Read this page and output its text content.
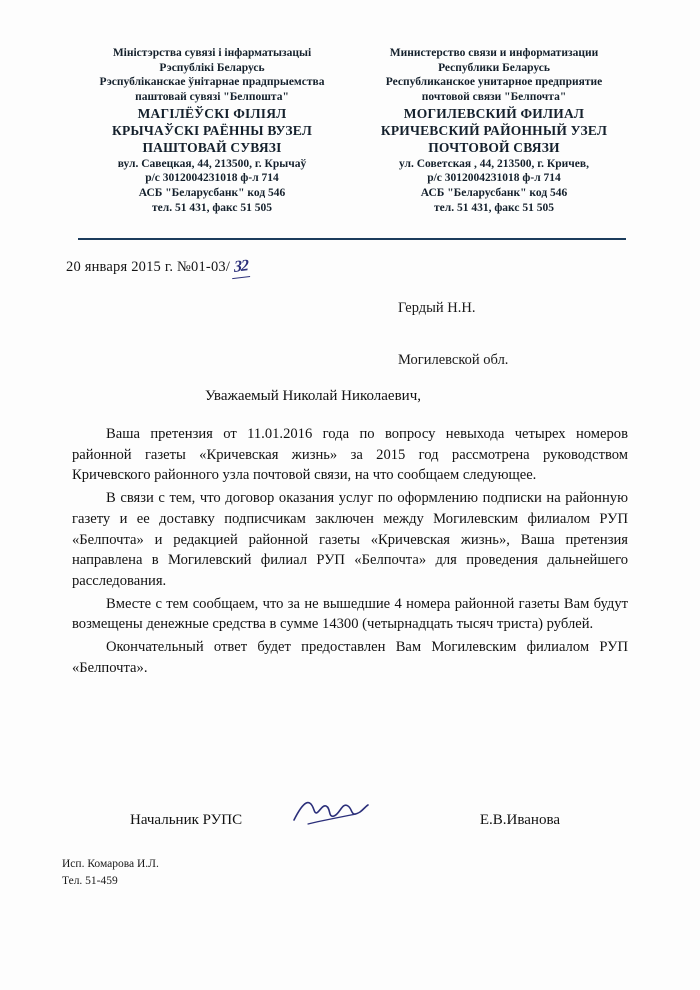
Міністэрства сувязі і інфарматызацыі
Рэспублікі Беларусь
Рэспубліканскае ўнітарнае прадпрыемства
паштовай сувязі "Белпошта"
МАГІЛЁЎСКІ ФІЛІЯЛ
КРЫЧАЎСКІ РАЁННЫ ВУЗЕЛ
ПАШТОВАЙ СУВЯЗІ
вул. Савецкая, 44, 213500, г. Крычаў
р/с 3012004231018 ф-л 714
АСБ "Беларусбанк" код 546
тел. 51 431, факс 51 505
Министерство связи и информатизации
Республики Беларусь
Республиканское унитарное предприятие
почтовой связи "Белпочта"
МОГИЛЕВСКИЙ ФИЛИАЛ
КРИЧЕВСКИЙ РАЙОННЫЙ УЗЕЛ
ПОЧТОВОЙ СВЯЗИ
ул. Советская , 44, 213500, г. Кричев,
р/с 3012004231018 ф-л 714
АСБ "Беларусбанк" код 546
тел. 51 431, факс 51 505
20 января 2015 г. №01-03/ 32
Гердый Н.Н.
Могилевской обл.
Уважаемый Николай Николаевич,

Ваша претензия от 11.01.2016 года по вопросу невыхода четырех номеров районной газеты «Кричевская жизнь» за 2015 год рассмотрена руководством Кричевского районного узла почтовой связи, на что сообщаем следующее.

В связи с тем, что договор оказания услуг по оформлению подписки на районную газету и ее доставку подписчикам заключен между Могилевским филиалом РУП «Белпочта» и редакцией районной газеты «Кричевская жизнь», Ваша претензия направлена в Могилевский филиал РУП «Белпочта» для проведения дальнейшего расследования.

Вместе с тем сообщаем, что за не вышедшие 4 номера районной газеты Вам будут возмещены денежные средства в сумме 14300 (четырнадцать тысяч триста) рублей.

Окончательный ответ будет предоставлен Вам Могилевским филиалом РУП «Белпочта».

Начальник РУПС	Е.В.Иванова
Исп. Комарова И.Л.
Тел. 51-459
